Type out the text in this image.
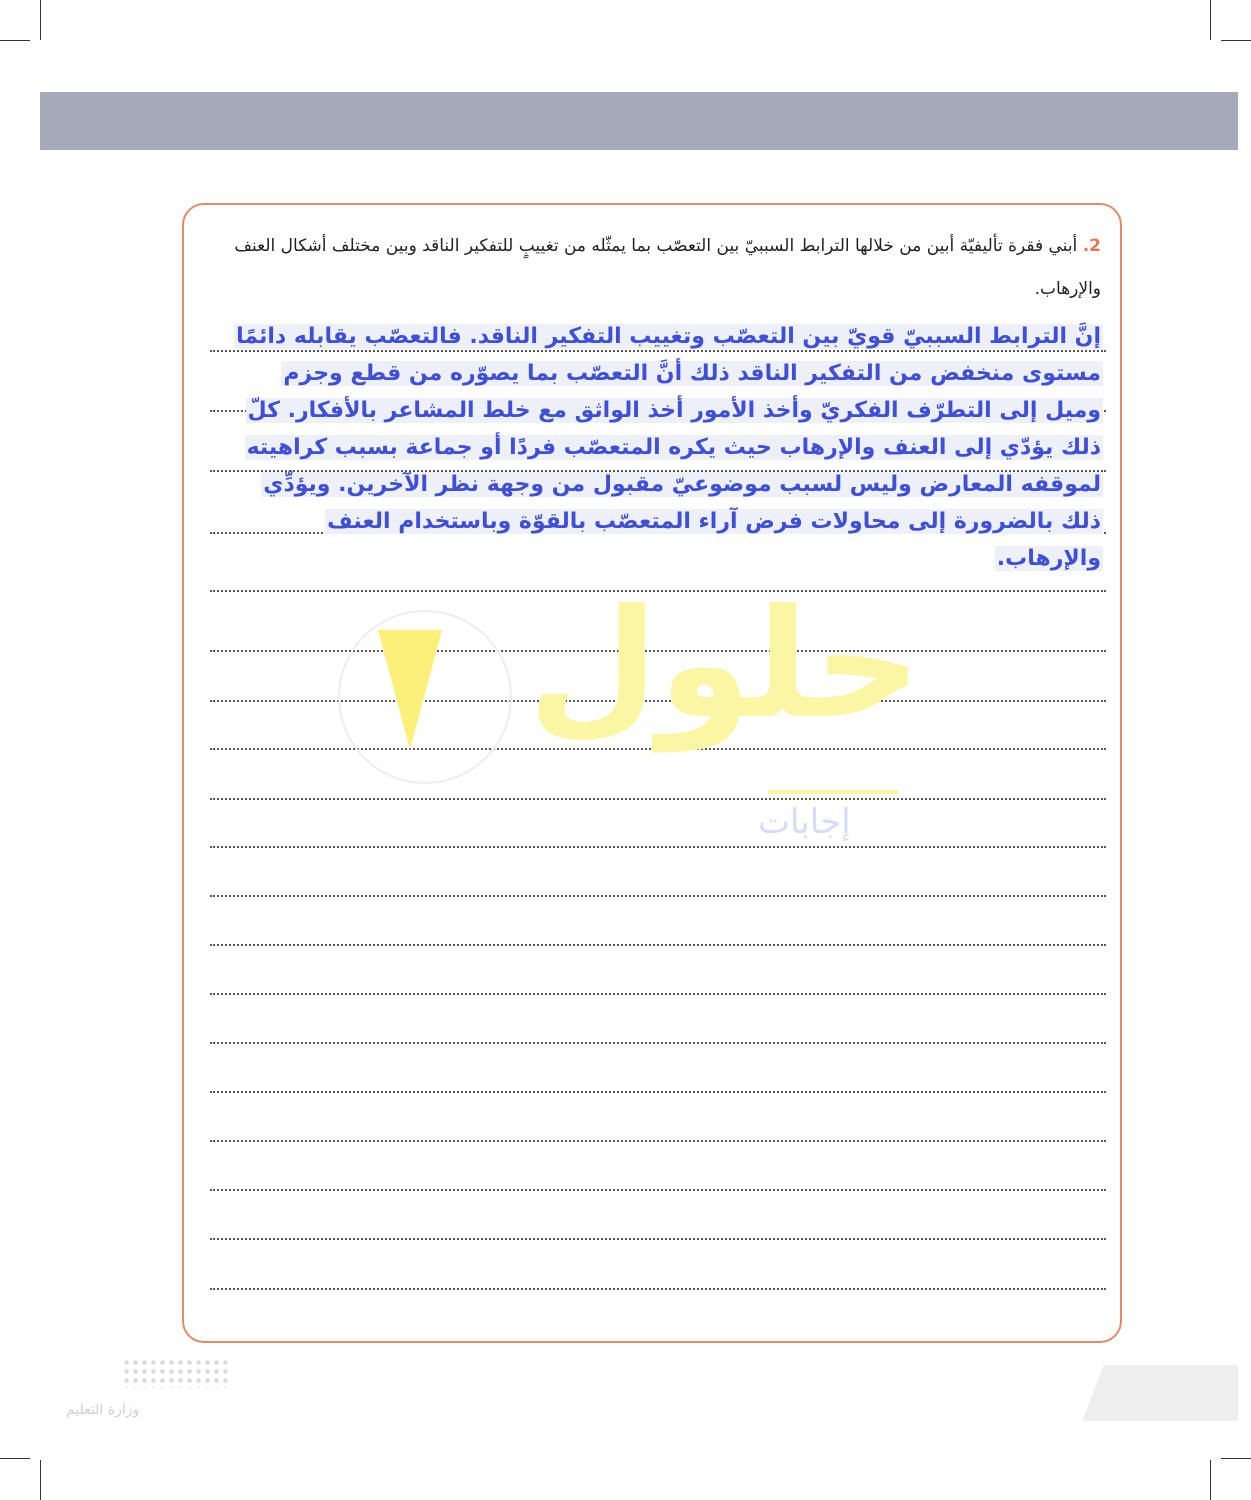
2. أبني فقرة تأليفيّة أبين من خلالها الترابط السببيّ بين التعصّب بما يمثّله من تغييبٍ للتفكير الناقد وبين مختلف أشكال العنف والإرهاب.
حلول
إجابات
إنَّ الترابط السببيّ قويّ بين التعصّب وتغييب التفكير الناقد. فالتعصّب يقابله دائمًا مستوى منخفض من التفكير الناقد ذلك أنَّ التعصّب بما يصوّره من قطع وجزم وميل إلى التطرّف الفكريّ وأخذ الأمور أخذ الواثق مع خلط المشاعر بالأفكار. كلّ ذلك يؤدّي إلى العنف والإرهاب حيث يكره المتعصّب فردًا أو جماعة بسبب كراهيته لموقفه المعارض وليس لسبب موضوعيّ مقبول من وجهة نظر الآخرين. ويؤدِّي ذلك بالضرورة إلى محاولات فرض آراء المتعصّب بالقوّة وباستخدام العنف والإرهاب.
وزارة التعليم
